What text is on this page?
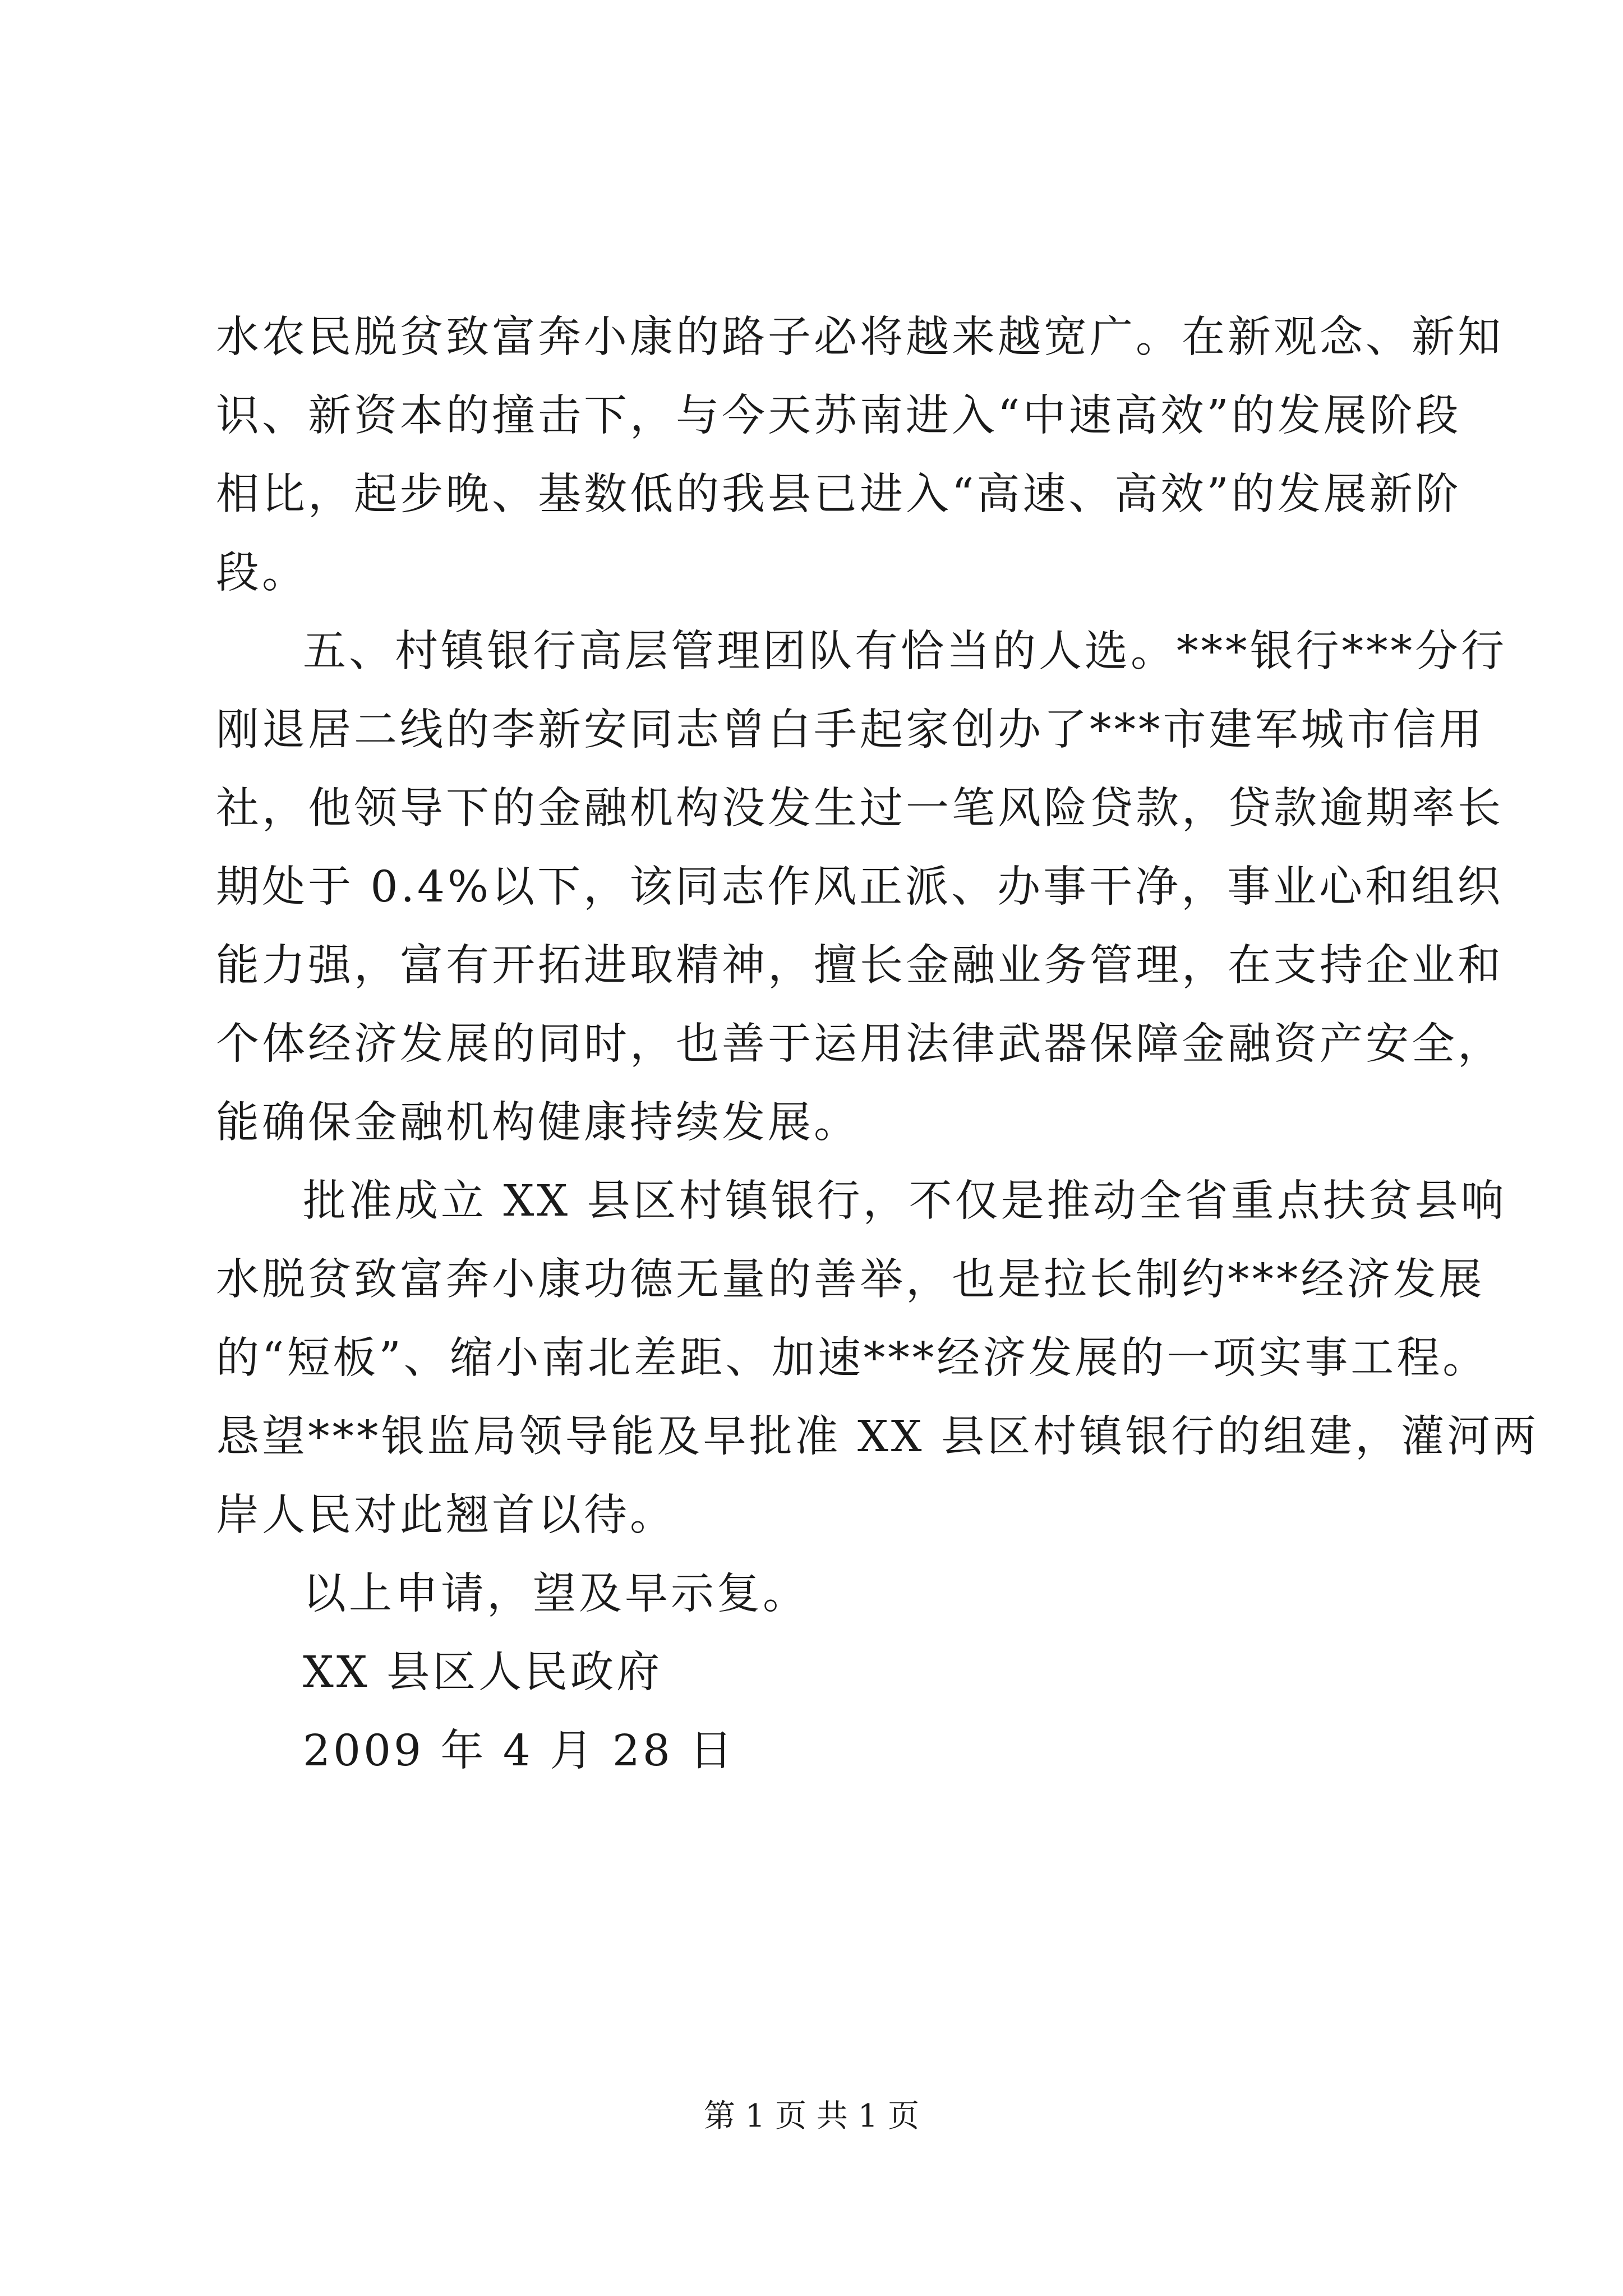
水农民脱贫致富奔小康的路子必将越来越宽广。在新观念、新知
识、新资本的撞击下，与今天苏南进入“中速高效”的发展阶段
相比，起步晚、基数低的我县已进入“高速、高效”的发展新阶
段。
五、村镇银行高层管理团队有恰当的人选。***银行***分行
刚退居二线的李新安同志曾白手起家创办了***市建军城市信用
社，他领导下的金融机构没发生过一笔风险贷款，贷款逾期率长
期处于 0.4%以下，该同志作风正派、办事干净，事业心和组织
能力强，富有开拓进取精神，擅长金融业务管理，在支持企业和
个体经济发展的同时，也善于运用法律武器保障金融资产安全，
能确保金融机构健康持续发展。
批准成立 XX 县区村镇银行，不仅是推动全省重点扶贫县响
水脱贫致富奔小康功德无量的善举，也是拉长制约***经济发展
的“短板”、缩小南北差距、加速***经济发展的一项实事工程。
恳望***银监局领导能及早批准 XX 县区村镇银行的组建，灌河两
岸人民对此翘首以待。
以上申请，望及早示复。
XX 县区人民政府
2009 年 4 月 28 日
第 1 页 共 1 页
